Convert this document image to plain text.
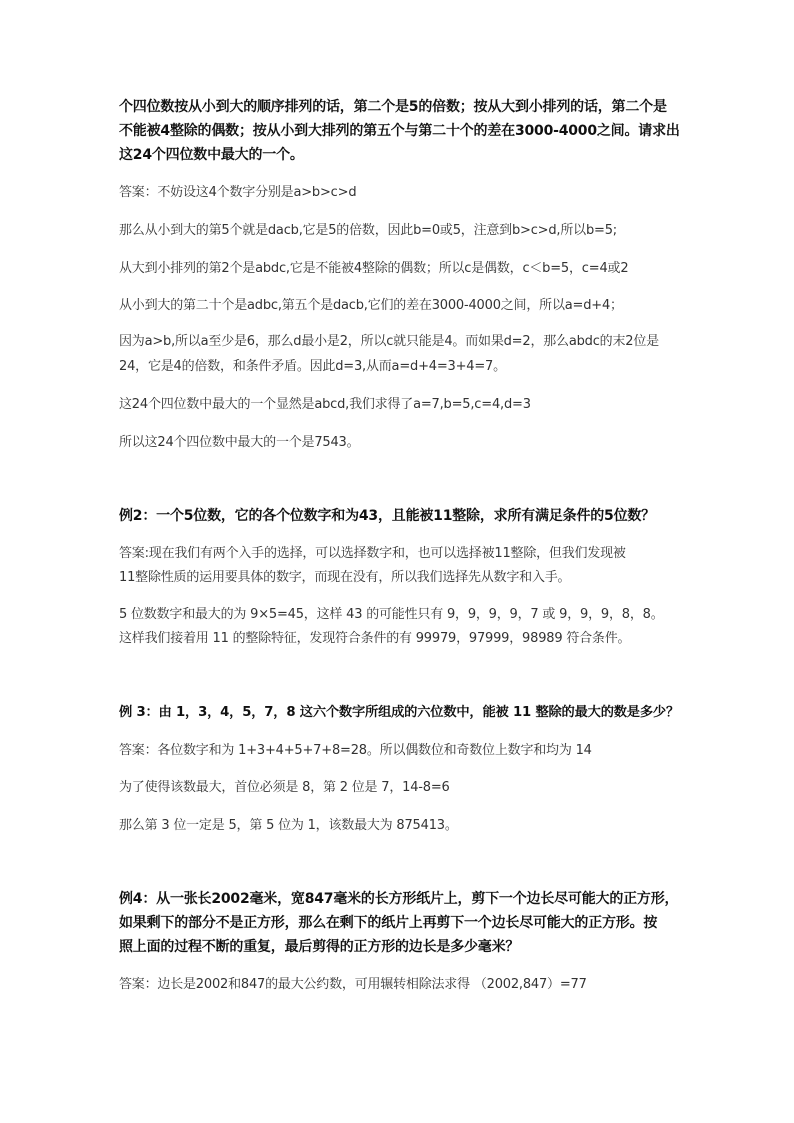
个四位数按从小到大的顺序排列的话，第二个是5的倍数；按从大到小排列的话，第二个是
不能被4整除的偶数；按从小到大排列的第五个与第二十个的差在3000-4000之间。请求出
这24个四位数中最大的一个。
答案：不妨设这4个数字分别是a>b>c>d
那么从小到大的第5个就是dacb,它是5的倍数，因此b=0或5，注意到b>c>d,所以b=5;
从大到小排列的第2个是abdc,它是不能被4整除的偶数；所以c是偶数，c＜b=5，c=4或2
从小到大的第二十个是adbc,第五个是dacb,它们的差在3000-4000之间，所以a=d+4；
因为a>b,所以a至少是6，那么d最小是2，所以c就只能是4。而如果d=2，那么abdc的末2位是
24，它是4的倍数，和条件矛盾。因此d=3,从而a=d+4=3+4=7。
这24个四位数中最大的一个显然是abcd,我们求得了a=7,b=5,c=4,d=3
所以这24个四位数中最大的一个是7543。
例2：一个5位数，它的各个位数字和为43，且能被11整除，求所有满足条件的5位数？
答案:现在我们有两个入手的选择，可以选择数字和，也可以选择被11整除，但我们发现被
11整除性质的运用要具体的数字，而现在没有，所以我们选择先从数字和入手。
5 位数数字和最大的为 9×5=45，这样 43 的可能性只有 9，9，9，9，7 或 9，9，9，8，8。
这样我们接着用 11 的整除特征，发现符合条件的有 99979，97999，98989 符合条件。
例 3：由 1，3，4，5，7，8 这六个数字所组成的六位数中，能被 11 整除的最大的数是多少？
答案：各位数字和为 1+3+4+5+7+8=28。所以偶数位和奇数位上数字和均为 14
为了使得该数最大，首位必须是 8，第 2 位是 7，14-8=6
那么第 3 位一定是 5，第 5 位为 1，该数最大为 875413。
例4：从一张长2002毫米，宽847毫米的长方形纸片上，剪下一个边长尽可能大的正方形，
如果剩下的部分不是正方形，那么在剩下的纸片上再剪下一个边长尽可能大的正方形。按
照上面的过程不断的重复，最后剪得的正方形的边长是多少毫米？
答案：边长是2002和847的最大公约数，可用辗转相除法求得 （2002,847）=77
